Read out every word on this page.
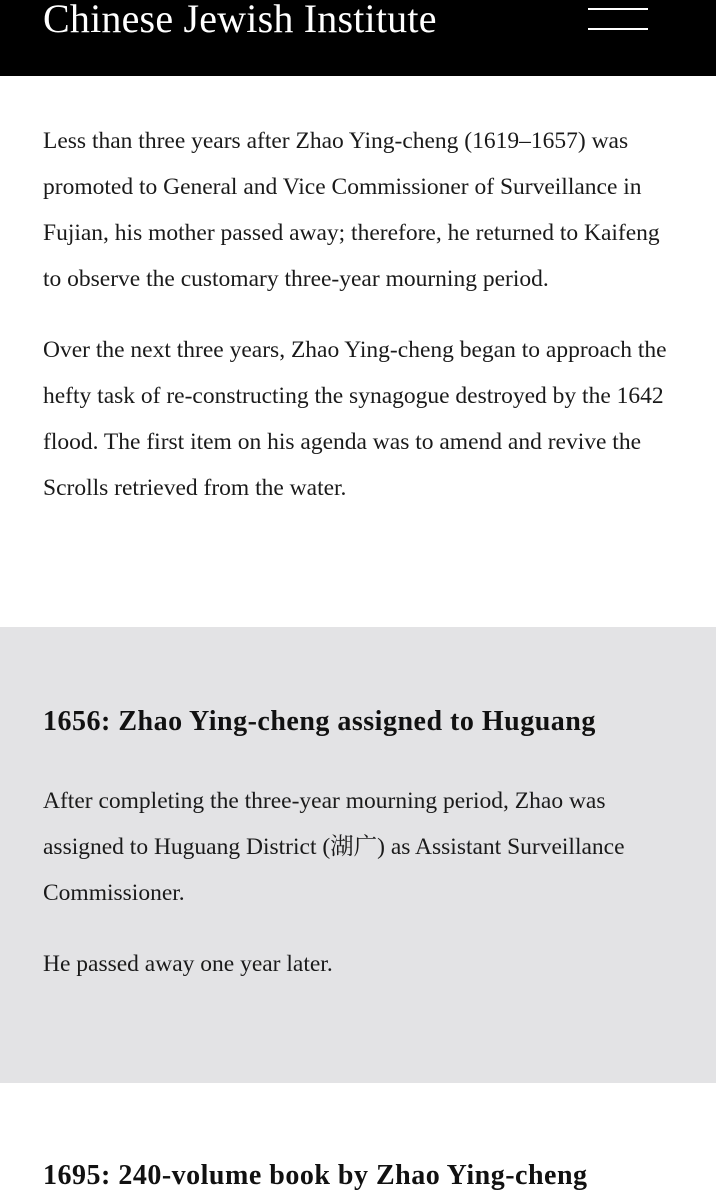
Chinese Jewish Institute

Less than three years after Zhao Ying-cheng (1619–1657) was promoted to General and Vice Commissioner of Surveillance in Fujian, his mother passed away; therefore, he returned to Kaifeng to observe the customary three-year mourning period.

Over the next three years, Zhao Ying-cheng began to approach the hefty task of re-constructing the synagogue destroyed by the 1642 flood. The first item on his agenda was to amend and revive the Scrolls retrieved from the water.

1656: Zhao Ying-cheng assigned to Huguang

After completing the three-year mourning period, Zhao was assigned to Huguang District (湖广) as Assistant Surveillance Commissioner.

He passed away one year later.

1695: 240-volume book by Zhao Ying-cheng
